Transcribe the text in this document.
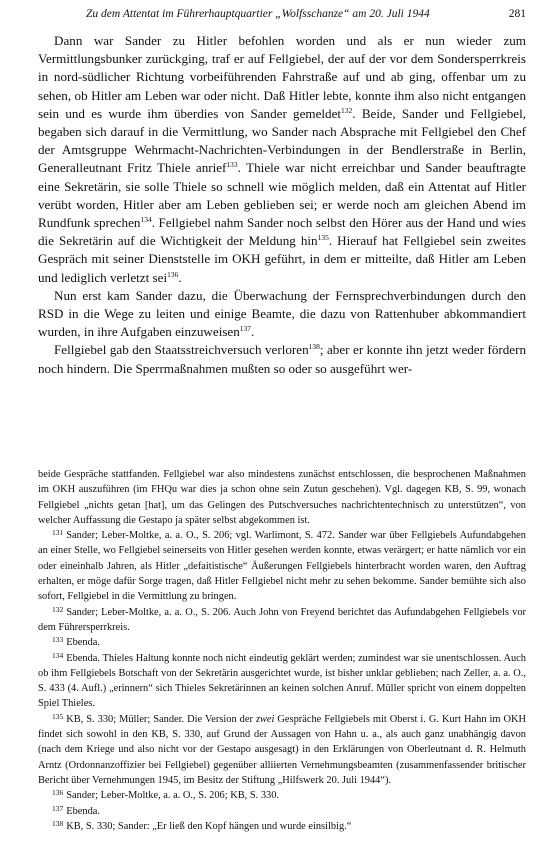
Zu dem Attentat im Führerhauptquartier „Wolfsschanze“ am 20. Juli 1944	281

Dann war Sander zu Hitler befohlen worden und als er nun wieder zum Vermittlungsbunker zurückging, traf er auf Fellgiebel, der auf der vor dem Sondersperrkreis in nord-südlicher Richtung vorbeiführenden Fahrstraße auf und ab ging, offenbar um zu sehen, ob Hitler am Leben war oder nicht. Daß Hitler lebte, konnte ihm also nicht entgangen sein und es wurde ihm überdies von Sander gemeldet$^{132}$. Beide, Sander und Fellgiebel, begaben sich darauf in die Vermittlung, wo Sander nach Absprache mit Fellgiebel den Chef der Amtsgruppe Wehrmacht-Nachrichten-Verbindungen in der Bendlerstraße in Berlin, Generalleutnant Fritz Thiele anrief$^{133}$. Thiele war nicht erreichbar und Sander beauftragte eine Sekretärin, sie solle Thiele so schnell wie möglich melden, daß ein Attentat auf Hitler verübt worden, Hitler aber am Leben geblieben sei; er werde noch am gleichen Abend im Rundfunk sprechen$^{134}$. Fellgiebel nahm Sander noch selbst den Hörer aus der Hand und wies die Sekretärin auf die Wichtigkeit der Meldung hin$^{135}$. Hierauf hat Fellgiebel sein zweites Gespräch mit seiner Dienststelle im OKH geführt, in dem er mitteilte, daß Hitler am Leben und lediglich verletzt sei$^{136}$.

Nun erst kam Sander dazu, die Überwachung der Fernsprechverbindungen durch den RSD in die Wege zu leiten und einige Beamte, die dazu von Rattenhuber abkommandiert wurden, in ihre Aufgaben einzuweisen$^{137}$.

Fellgiebel gab den Staatsstreichversuch verloren$^{138}$; aber er konnte ihn jetzt weder fördern noch hindern. Die Sperrmaßnahmen mußten so oder so ausgeführt wer-

beide Gespräche stattfanden. Fellgiebel war also mindestens zunächst entschlossen, die besprochenen Maßnahmen im OKH auszuführen (im FHQu war dies ja schon ohne sein Zutun geschehen). Vgl. dagegen KB, S. 99, wonach Fellgiebel „nichts getan [hat], um das Gelingen des Putschversuches nachrichtentechnisch zu unterstützen“, von welcher Auffassung die Gestapo ja später selbst abgekommen ist.

$^{131}$ Sander; Leber-Moltke, a. a. O., S. 206; vgl. Warlimont, S. 472. Sander war über Fellgiebels Aufundabgehen an einer Stelle, wo Fellgiebel seinerseits von Hitler gesehen werden konnte, etwas verärgert; er hatte nämlich vor ein oder eineinhalb Jahren, als Hitler „defaitistische“ Äußerungen Fellgiebels hinterbracht worden waren, den Auftrag erhalten, er möge dafür Sorge tragen, daß Hitler Fellgiebel nicht mehr zu sehen bekomme. Sander bemühte sich also sofort, Fellgiebel in die Vermittlung zu bringen.

$^{132}$ Sander; Leber-Moltke, a. a. O., S. 206. Auch John von Freyend berichtet das Aufundabgehen Fellgiebels vor dem Führersperrkreis.

$^{133}$ Ebenda.

$^{134}$ Ebenda. Thieles Haltung konnte noch nicht eindeutig geklärt werden; zumindest war sie unentschlossen. Auch ob ihm Fellgiebels Botschaft von der Sekretärin ausgerichtet wurde, ist bisher unklar geblieben; nach Zeller, a. a. O., S. 433 (4. Aufl.) „erinnern“ sich Thieles Sekretärinnen an keinen solchen Anruf. Müller spricht von einem doppelten Spiel Thieles.

$^{135}$ KB, S. 330; Müller; Sander. Die Version der zwei Gespräche Fellgiebels mit Oberst i. G. Kurt Hahn im OKH findet sich sowohl in den KB, S. 330, auf Grund der Aussagen von Hahn u. a., als auch ganz unabhängig davon (nach dem Kriege und also nicht vor der Gestapo ausgesagt) in den Erklärungen von Oberleutnant d. R. Helmuth Arntz (Ordonnanzoffizier bei Fellgiebel) gegenüber alliierten Vernehmungsbeamten (zusammenfassender britischer Bericht über Vernehmungen 1945, im Besitz der Stiftung „Hilfswerk 20. Juli 1944“).

$^{136}$ Sander; Leber-Moltke, a. a. O., S. 206; KB, S. 330.

$^{137}$ Ebenda.

$^{138}$ KB, S. 330; Sander: „Er ließ den Kopf hängen und wurde einsilbig.“
